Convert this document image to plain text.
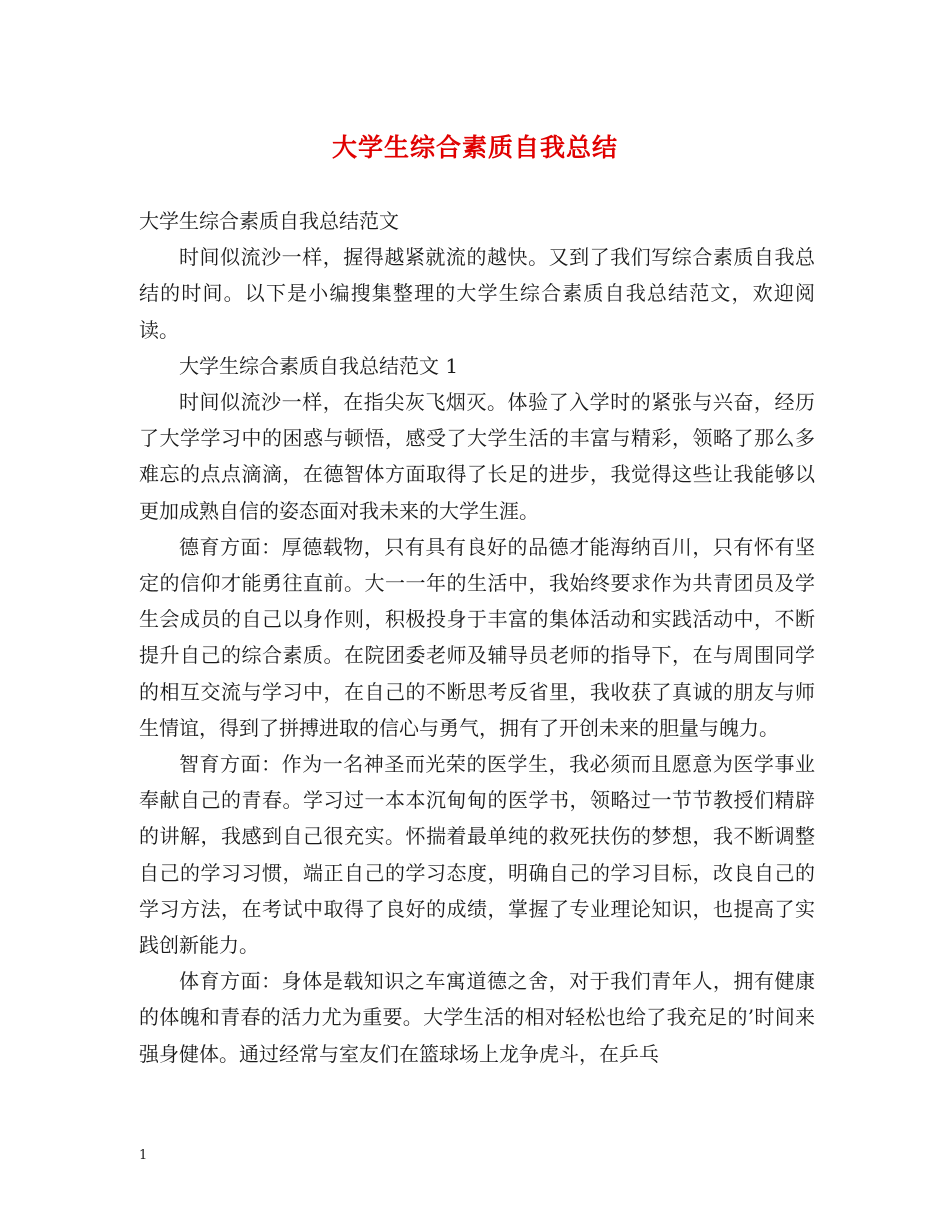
大学生综合素质自我总结

大学生综合素质自我总结范文

时间似流沙一样，握得越紧就流的越快。又到了我们写综合素质自我总结的时间。以下是小编搜集整理的大学生综合素质自我总结范文，欢迎阅读。

大学生综合素质自我总结范文 1

时间似流沙一样，在指尖灰飞烟灭。体验了入学时的紧张与兴奋，经历了大学学习中的困惑与顿悟，感受了大学生活的丰富与精彩，领略了那么多难忘的点点滴滴，在德智体方面取得了长足的进步，我觉得这些让我能够以更加成熟自信的姿态面对我未来的大学生涯。

德育方面：厚德载物，只有具有良好的品德才能海纳百川，只有怀有坚定的信仰才能勇往直前。大一一年的生活中，我始终要求作为共青团员及学生会成员的自己以身作则，积极投身于丰富的集体活动和实践活动中，不断提升自己的综合素质。在院团委老师及辅导员老师的指导下，在与周围同学的相互交流与学习中，在自己的不断思考反省里，我收获了真诚的朋友与师生情谊，得到了拼搏进取的信心与勇气，拥有了开创未来的胆量与魄力。

智育方面：作为一名神圣而光荣的医学生，我必须而且愿意为医学事业奉献自己的青春。学习过一本本沉甸甸的医学书，领略过一节节教授们精辟的讲解，我感到自己很充实。怀揣着最单纯的救死扶伤的梦想，我不断调整自己的学习习惯，端正自己的学习态度，明确自己的学习目标，改良自己的学习方法，在考试中取得了良好的成绩，掌握了专业理论知识，也提高了实践创新能力。

体育方面：身体是载知识之车寓道德之舍，对于我们青年人，拥有健康的体魄和青春的活力尤为重要。大学生活的相对轻松也给了我充足的’时间来强身健体。通过经常与室友们在篮球场上龙争虎斗，在乒乓

1
